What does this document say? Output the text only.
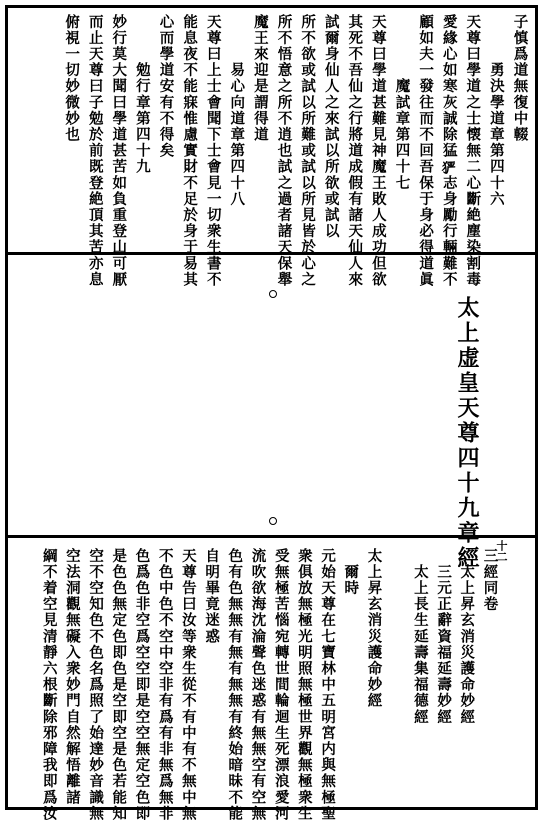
子慎爲道無復中輟
　　　勇決學道章第四十六
天尊曰學道之士懐無二心斷絶塵染割毒
愛緣心如寒灰誠除猛𤞤志身勵行輛難不
顧如夫一發往而不回吾保于身必得道眞
　　　　魔試章第四十七
天尊曰學道甚難見神魔王敗人成功但欲
其死不吾仙之行將道成假有諸天仙人來
試爾身仙人之來試以所欲或試以
所不欲或試以所難或試以所見皆於心之
所不悟意之所不逍也試之過者諸天保舉
魔王來迎是謂得道
　　　易心向道章第四十八
天尊曰上士會聞下士會見一切衆生書不
能息夜不能寐惟慮實財不足於身于易其
心而學道安有不得矣
　　　勉行章第四十九
妙行莫大聞曰學道甚苦如負重登山可厭
而止天尊曰子勉於前既登絶頂其苦亦息
俯視一切妙微妙也
太上虚皇天尊四十九章經
三經同卷
　太上昇玄消災護命妙經
　三元正辭資福延壽妙經
　太上長生延壽集福德經
太上昇玄消災護命妙經
　爾時
元始天尊在七寶林中五明宮内與無極聖
衆俱放無極光明照無極世界觀無極衆生
受無極苦惱宛轉世間輪迴生死漂浪愛河
流吹欲海沈淪聲色迷惑有無無空有空無
色有色無無有無有無無有終始暗昧不能
自明畢竟迷惑
天尊告曰汝等衆生從不有中有不無中無
不色中色不空中空非有爲有非無爲無非
色爲色非空爲空空即是空空無定空色即
是色色無定色即色是空即空是色若能知
空不空知色不色名爲照了始達妙音識無
空法洞觀無礙入衆妙門自然解悟離諸
綱不着空見清靜六根斷除邪障我即爲汝	十二
